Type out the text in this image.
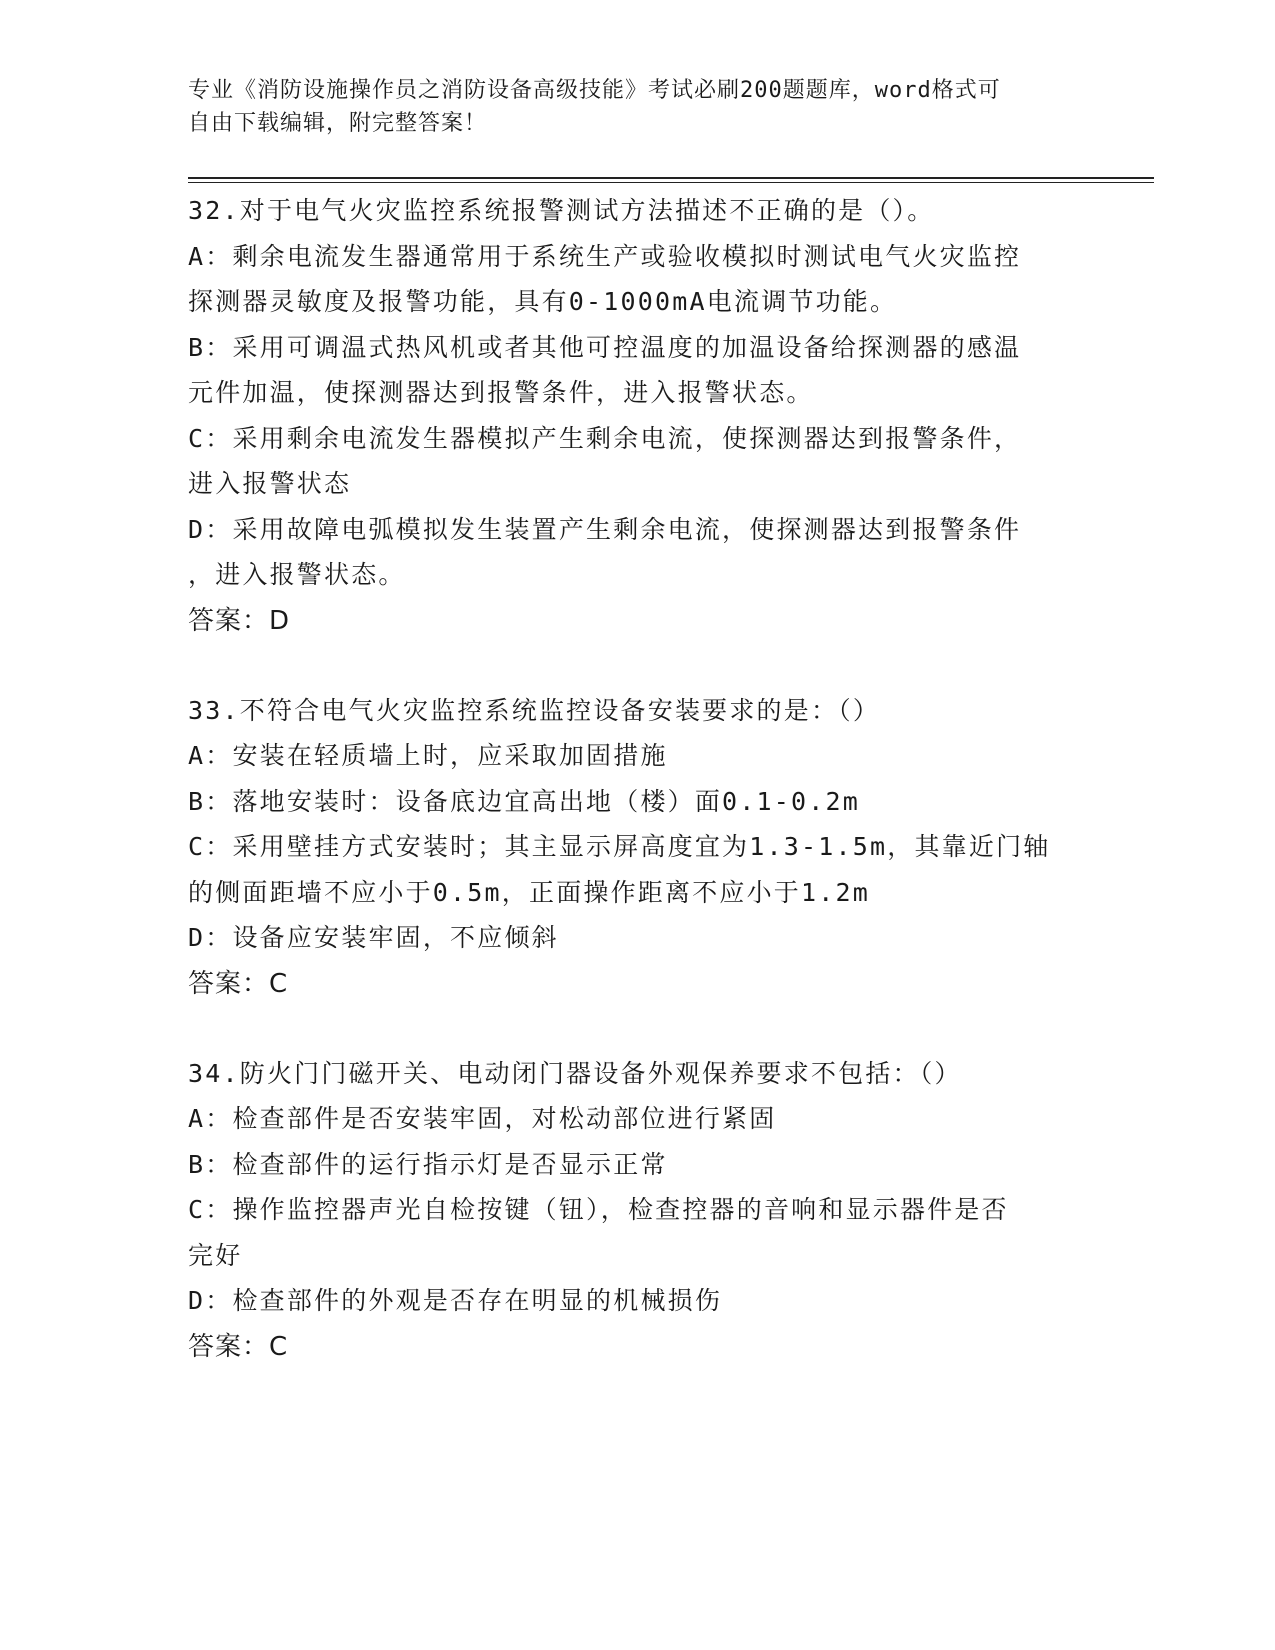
专业《消防设施操作员之消防设备高级技能》考试必刷200题题库，word格式可
自由下载编辑，附完整答案！
32.对于电气火灾监控系统报警测试方法描述不正确的是（）。
A：剩余电流发生器通常用于系统生产或验收模拟时测试电气火灾监控
探测器灵敏度及报警功能，具有0-1000mA电流调节功能。
B：采用可调温式热风机或者其他可控温度的加温设备给探测器的感温
元件加温，使探测器达到报警条件，进入报警状态。
C：采用剩余电流发生器模拟产生剩余电流，使探测器达到报警条件，
进入报警状态
D：采用故障电弧模拟发生装置产生剩余电流，使探测器达到报警条件
，进入报警状态。
答案：D
33.不符合电气火灾监控系统监控设备安装要求的是：（）
A：安装在轻质墙上时，应采取加固措施
B：落地安装时：设备底边宜高出地（楼）面0.1-0.2m
C：采用壁挂方式安装时；其主显示屏高度宜为1.3-1.5m，其靠近门轴
的侧面距墙不应小于0.5m，正面操作距离不应小于1.2m
D：设备应安装牢固，不应倾斜
答案：C
34.防火门门磁开关、电动闭门器设备外观保养要求不包括：（）
A：检查部件是否安装牢固，对松动部位进行紧固
B：检查部件的运行指示灯是否显示正常
C：操作监控器声光自检按键（钮），检查控器的音响和显示器件是否
完好
D：检查部件的外观是否存在明显的机械损伤
答案：C
